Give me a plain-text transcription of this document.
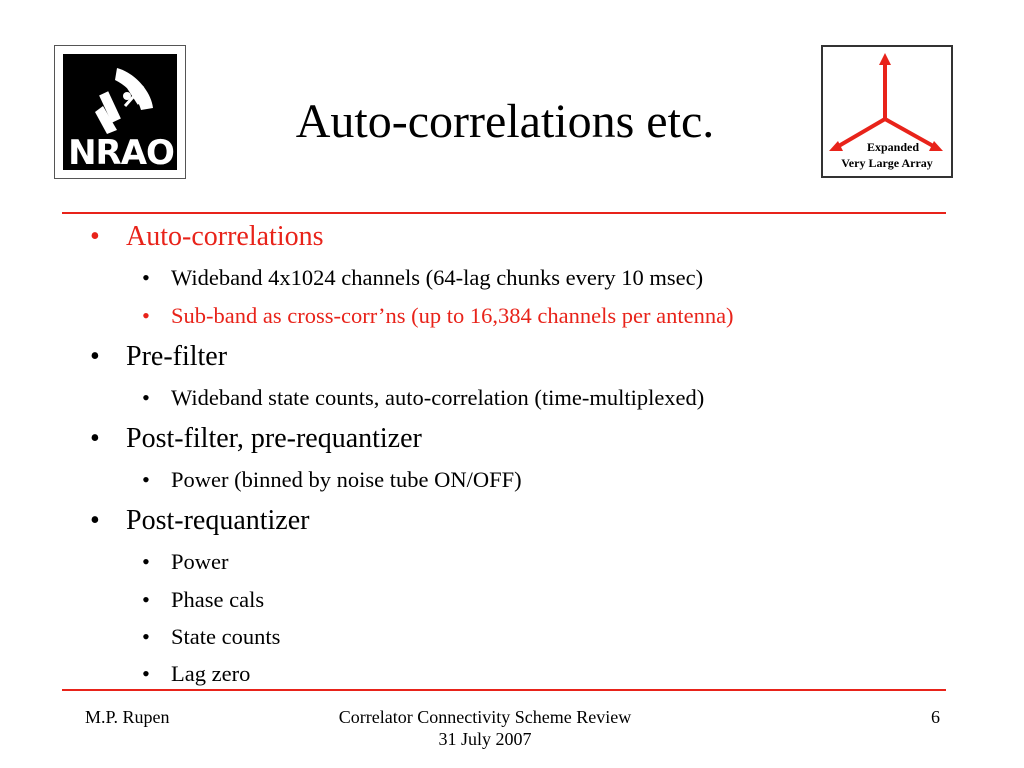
NRAO
Auto-correlations etc.	Expanded
Very Large Array
• Auto-correlations
• Wideband 4x1024 channels (64-lag chunks every 10 msec)
• Sub-band as cross-corr’ns (up to 16,384 channels per antenna)
• Pre-filter
• Wideband state counts, auto-correlation (time-multiplexed)
• Post-filter, pre-requantizer
• Power (binned by noise tube ON/OFF)
• Post-requantizer
• Power
• Phase cals
• State counts
• Lag zero
M.P. Rupen	Correlator Connectivity Scheme Review
31 July 2007
6
